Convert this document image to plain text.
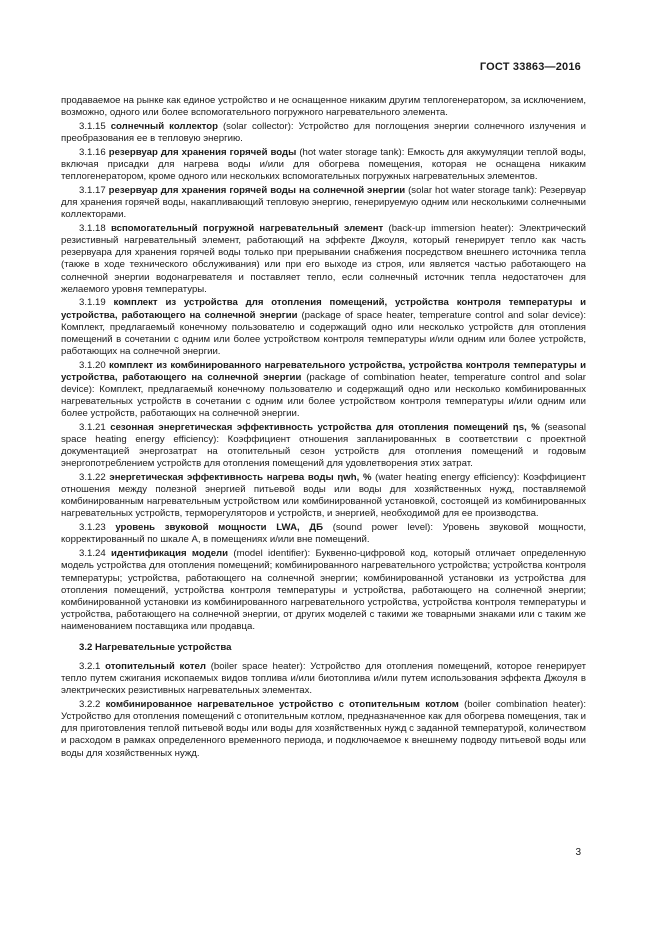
ГОСТ 33863—2016

продаваемое на рынке как единое устройство и не оснащенное никаким другим теплогенератором, за исключением, возможно, одного или более вспомогательного погружного нагревательного элемента.

3.1.15 солнечный коллектор (solar collector): Устройство для поглощения энергии солнечного излучения и преобразования ее в тепловую энергию.

3.1.16 резервуар для хранения горячей воды (hot water storage tank): Емкость для аккумуляции теплой воды, включая присадки для нагрева воды и/или для обогрева помещения, которая не оснащена никаким теплогенератором, кроме одного или нескольких вспомогательных погружных нагревательных элементов.

3.1.17 резервуар для хранения горячей воды на солнечной энергии (solar hot water storage tank): Резервуар для хранения горячей воды, накапливающий тепловую энергию, генерируемую одним или несколькими солнечными коллекторами.

3.1.18 вспомогательный погружной нагревательный элемент (back-up immersion heater): Электрический резистивный нагревательный элемент, работающий на эффекте Джоуля, который генерирует тепло как часть резервуара для хранения горячей воды только при прерывании снабжения посредством внешнего источника тепла (также в ходе технического обслуживания) или при его выходе из строя, или является частью работающего на солнечной энергии водонагревателя и поставляет тепло, если солнечный источник тепла недостаточен для желаемого уровня температуры.

3.1.19 комплект из устройства для отопления помещений, устройства контроля температуры и устройства, работающего на солнечной энергии (package of space heater, temperature control and solar device): Комплект, предлагаемый конечному пользователю и содержащий одно или несколько устройств для отопления помещений в сочетании с одним или более устройством контроля температуры и/или одним или более устройств, работающих на солнечной энергии.

3.1.20 комплект из комбинированного нагревательного устройства, устройства контроля температуры и устройства, работающего на солнечной энергии (package of combination heater, temperature control and solar device): Комплект, предлагаемый конечному пользователю и содержащий одно или несколько комбинированных нагревательных устройств в сочетании с одним или более устройством контроля температуры и/или одним или более устройств, работающих на солнечной энергии.

3.1.21 сезонная энергетическая эффективность устройства для отопления помещений ηs, % (seasonal space heating energy efficiency): Коэффициент отношения запланированных в соответствии с проектной документацией энергозатрат на отопительный сезон устройств для отопления помещений и годовым энергопотреблением устройств для отопления помещений для удовлетворения этих затрат.

3.1.22 энергетическая эффективность нагрева воды ηwh, % (water heating energy efficiency): Коэффициент отношения между полезной энергией питьевой воды или воды для хозяйственных нужд, поставляемой комбинированным нагревательным устройством или комбинированной установкой, состоящей из комбинированных нагревательных устройств, терморегуляторов и устройств, и энергией, необходимой для ее производства.

3.1.23 уровень звуковой мощности LWA, ДБ (sound power level): Уровень звуковой мощности, корректированный по шкале А, в помещениях и/или вне помещений.

3.1.24 идентификация модели (model identifier): Буквенно-цифровой код, который отличает определенную модель устройства для отопления помещений; комбинированного нагревательного устройства; устройства контроля температуры; устройства, работающего на солнечной энергии; комбинированной установки из устройства для отопления помещений, устройства контроля температуры и устройства, работающего на солнечной энергии; комбинированной установки из комбинированного нагревательного устройства, устройства контроля температуры и устройства, работающего на солнечной энергии, от других моделей с такими же товарными знаками или с таким же наименованием поставщика или продавца.

3.2 Нагревательные устройства

3.2.1 отопительный котел (boiler space heater): Устройство для отопления помещений, которое генерирует тепло путем сжигания ископаемых видов топлива и/или биотоплива и/или путем использования эффекта Джоуля в электрических резистивных нагревательных элементах.

3.2.2 комбинированное нагревательное устройство с отопительным котлом (boiler combination heater): Устройство для отопления помещений с отопительным котлом, предназначенное как для обогрева помещения, так и для приготовления теплой питьевой воды или воды для хозяйственных нужд с заданной температурой, количеством и расходом в рамках определенного временного периода, и подключаемое к внешнему подводу питьевой воды или воды для хозяйственных нужд.

3
